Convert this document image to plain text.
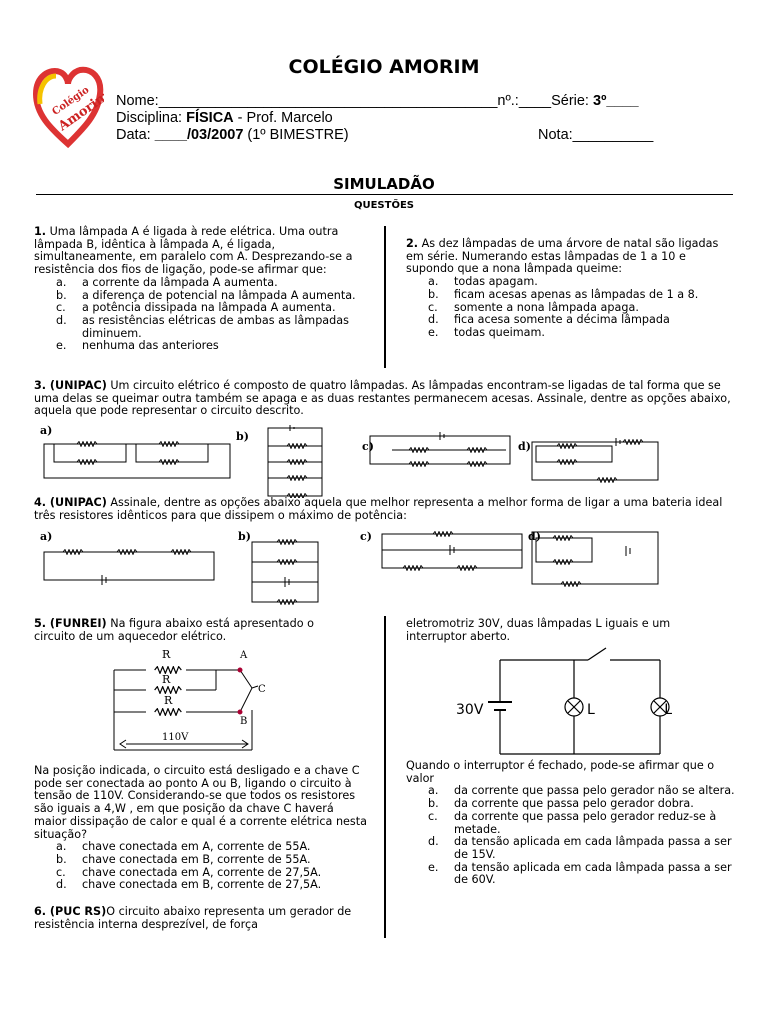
Colégio
Amorim
COLÉGIO AMORIM
Nome:__________________________________________nº.:____Série: 3º____
Disciplina: FÍSICA - Prof. Marcelo
Data: ____/03/2007 (1º BIMESTRE)	Nota:__________
SIMULADÃO
QUESTÕES

1. Uma lâmpada A é ligada à rede elétrica. Uma outra lâmpada B, idêntica à lâmpada A, é ligada, simultaneamente, em paralelo com A. Desprezando-se a resistência dos fios de ligação, pode-se afirmar que:

a.	a corrente da lâmpada A aumenta.
b.	a diferença de potencial na lâmpada A aumenta.
c.	a potência dissipada na lâmpada A aumenta.
d.	as resistências elétricas de ambas as lâmpadas diminuem.
e.	nenhuma das anteriores

2. As dez lâmpadas de uma árvore de natal são ligadas em série. Numerando estas lâmpadas de 1 a 10 e supondo que a nona lâmpada queime:

a.	todas apagam.
b.	ficam acesas apenas as lâmpadas de 1 a 8.
c.	somente a nona lâmpada apaga.
d.	fica acesa somente a décima lâmpada
e.	todas queimam.

3. (UNIPAC) Um circuito elétrico é composto de quatro lâmpadas. As lâmpadas encontram-se ligadas de tal forma que se uma delas se queimar outra também se apaga e as duas restantes permanecem acesas. Assinale, dentre as opções abaixo, aquela que pode representar o circuito descrito.

a)	b)
c)	d)

4. (UNIPAC) Assinale, dentre as opções abaixo aquela que melhor representa a melhor forma de ligar a uma bateria ideal três resistores idênticos para que dissipem o máximo de potência:

a)	b)	c)	d)

5. (FUNREI) Na figura abaixo está apresentado o circuito de um aquecedor elétrico.

R
R
R
A
C
B
110V

Na posição indicada, o circuito está desligado e a chave C pode ser conectada ao ponto A ou B, ligando o circuito à tensão de 110V. Considerando-se que todos os resistores são iguais a 4,W , em que posição da chave C haverá maior dissipação de calor e qual é a corrente elétrica nesta situação?

a.	chave conectada em A, corrente de 55A.
b.	chave conectada em B, corrente de 55A.
c.	chave conectada em A, corrente de 27,5A.
d.	chave conectada em B, corrente de 27,5A.

6. (PUC RS)O circuito abaixo representa um gerador de resistência interna desprezível, de força

eletromotriz 30V, duas lâmpadas L iguais e um interruptor aberto.

30V	L	L

Quando o interruptor é fechado, pode-se afirmar que o valor

a.	da corrente que passa pelo gerador não se altera.
b.	da corrente que passa pelo gerador dobra.
c.	da corrente que passa pelo gerador reduz-se à metade.
d.	da tensão aplicada em cada lâmpada passa a ser de 15V.
e.	da tensão aplicada em cada lâmpada passa a ser de 60V.
